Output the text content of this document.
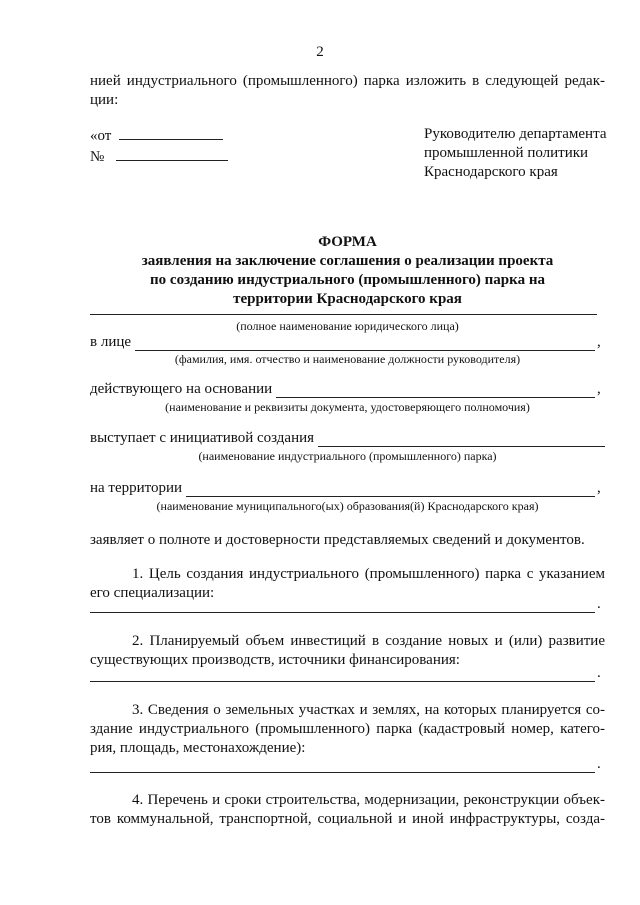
2
нией индустриального (промышленного) парка изложить в следующей редак-
ции:
«от
№
Руководителю департамента
промышленной политики
Краснодарского края
ФОРМА
заявления на заключение соглашения о реализации проекта
по созданию индустриального (промышленного) парка на
территории Краснодарского края
(полное наименование юридического лица)
в лице	,
(фамилия, имя. отчество и наименование должности руководителя)
действующего на основании	,
(наименование и реквизиты документа, удостоверяющего полномочия)
выступает с инициативой создания
(наименование индустриального (промышленного) парка)
на территории	,
(наименование муниципального(ых) образования(й) Краснодарского края)
заявляет о полноте и достоверности представляемых сведений и документов.
1. Цель создания индустриального (промышленного) парка с указанием
его специализации:
.
2. Планируемый объем инвестиций в создание новых и (или) развитие
существующих производств, источники финансирования:
.
3. Сведения о земельных участках и землях, на которых планируется со-
здание индустриального (промышленного) парка (кадастровый номер, катего-
рия, площадь, местонахождение):
.
4. Перечень и сроки строительства, модернизации, реконструкции объек-
тов коммунальной, транспортной, социальной и иной инфраструктуры, созда-
